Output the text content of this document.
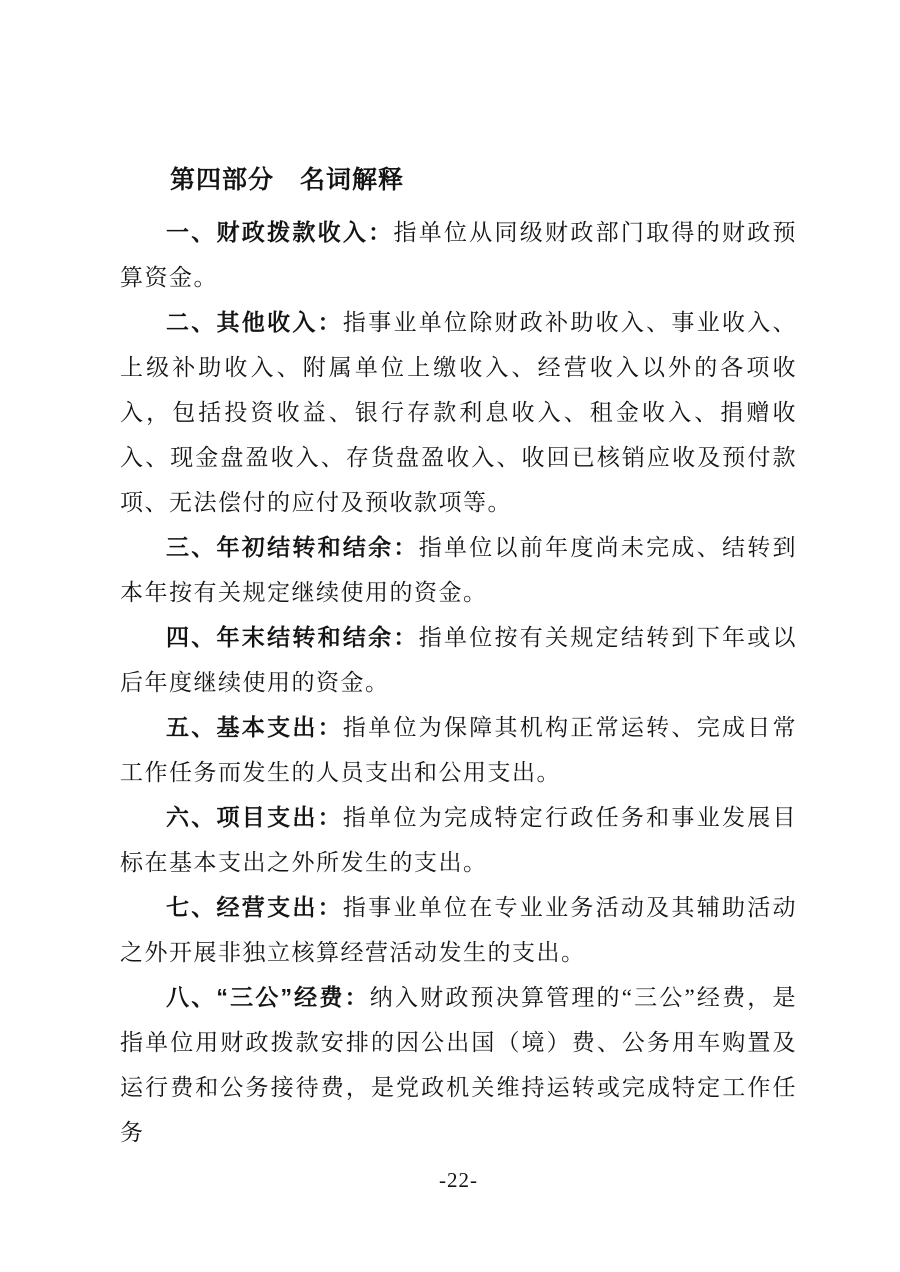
第四部分　名词解释

一、财政拨款收入：指单位从同级财政部门取得的财政预算资金。

二、其他收入：指事业单位除财政补助收入、事业收入、上级补助收入、附属单位上缴收入、经营收入以外的各项收入，包括投资收益、银行存款利息收入、租金收入、捐赠收入、现金盘盈收入、存货盘盈收入、收回已核销应收及预付款项、无法偿付的应付及预收款项等。

三、年初结转和结余：指单位以前年度尚未完成、结转到本年按有关规定继续使用的资金。

四、年末结转和结余：指单位按有关规定结转到下年或以后年度继续使用的资金。

五、基本支出：指单位为保障其机构正常运转、完成日常工作任务而发生的人员支出和公用支出。

六、项目支出：指单位为完成特定行政任务和事业发展目标在基本支出之外所发生的支出。

七、经营支出：指事业单位在专业业务活动及其辅助活动之外开展非独立核算经营活动发生的支出。

八、“三公”经费：纳入财政预决算管理的“三公”经费，是指单位用财政拨款安排的因公出国（境）费、公务用车购置及运行费和公务接待费，是党政机关维持运转或完成特定工作任务

-22-
